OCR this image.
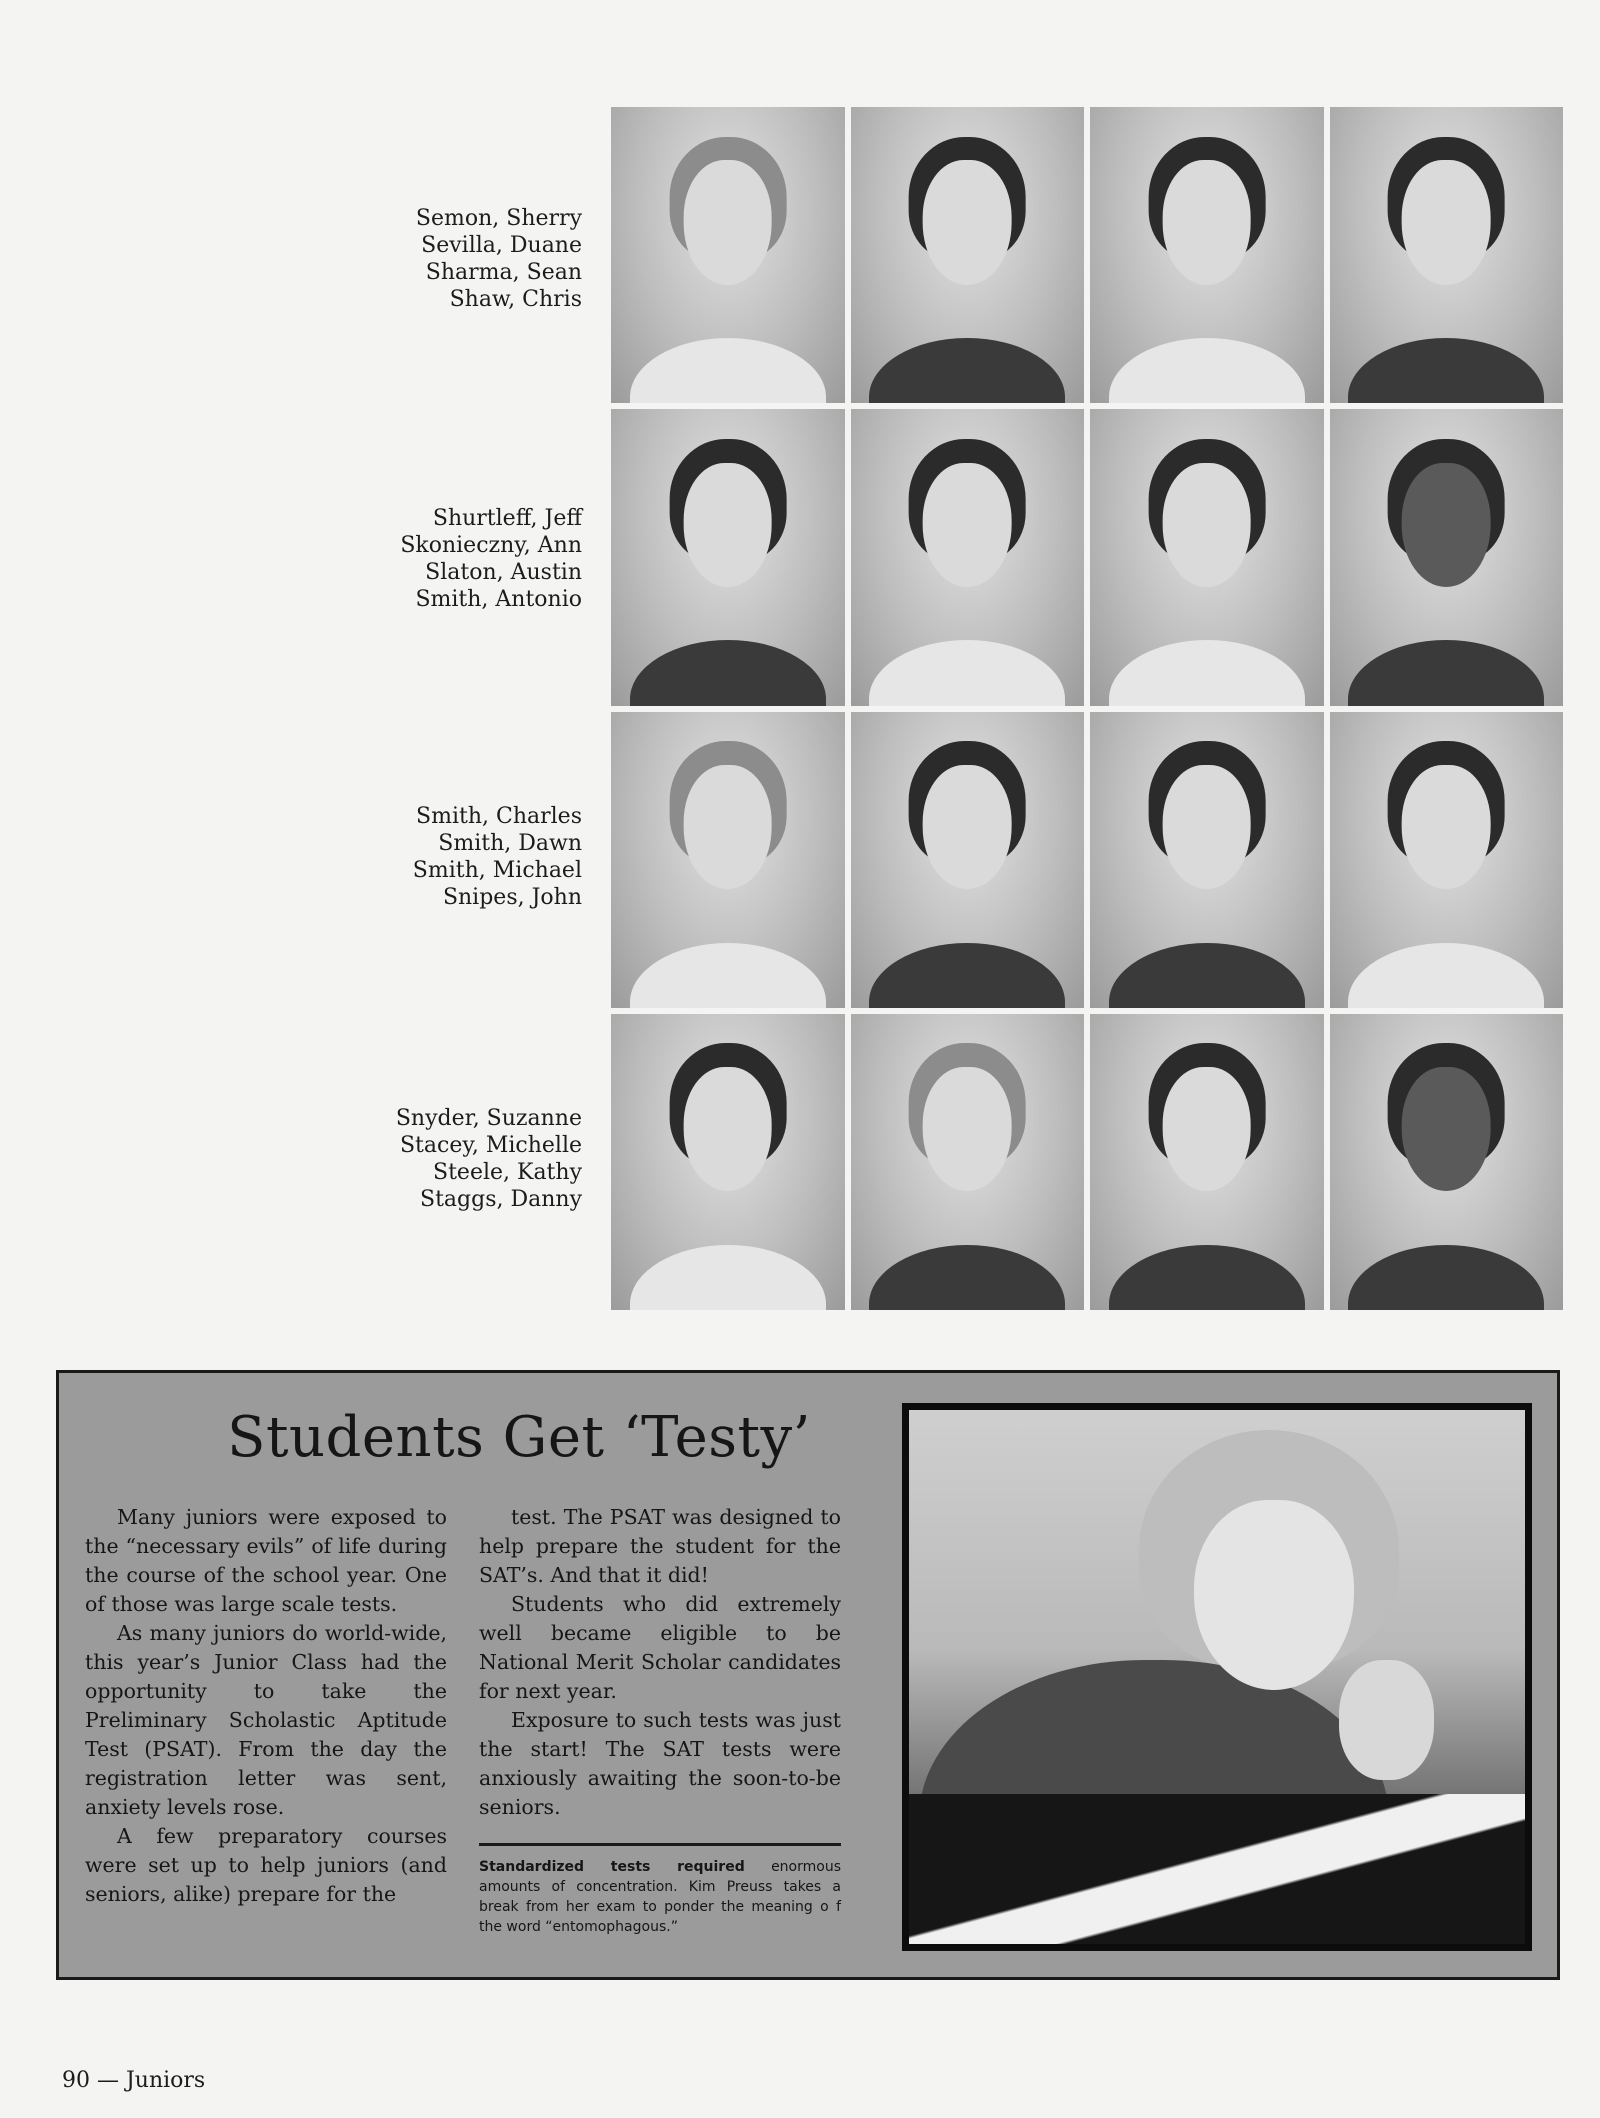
Semon, Sherry
Sevilla, Duane
Sharma, Sean
Shaw, Chris
Shurtleff, Jeff
Skonieczny, Ann
Slaton, Austin
Smith, Antonio
Smith, Charles
Smith, Dawn
Smith, Michael
Snipes, John
Snyder, Suzanne
Stacey, Michelle
Steele, Kathy
Staggs, Danny
Students Get ‘Testy’

Many juniors were exposed to the “necessary evils” of life during the course of the school year. One of those was large scale tests.

As many juniors do world-wide, this year’s Junior Class had the opportunity to take the Preliminary Scholastic Aptitude Test (PSAT). From the day the registration letter was sent, anxiety levels rose.

A few preparatory courses were set up to help juniors (and seniors, alike) prepare for the

test. The PSAT was designed to help prepare the student for the SAT’s. And that it did!

Students who did extremely well became eligible to be National Merit Scholar candidates for next year.

Exposure to such tests was just the start! The SAT tests were anxiously awaiting the soon-to-be seniors.

Standardized tests required enormous amounts of concentration. Kim Preuss takes a break from her exam to ponder the meaning o f the word “entomophagous.”
90 — Juniors
